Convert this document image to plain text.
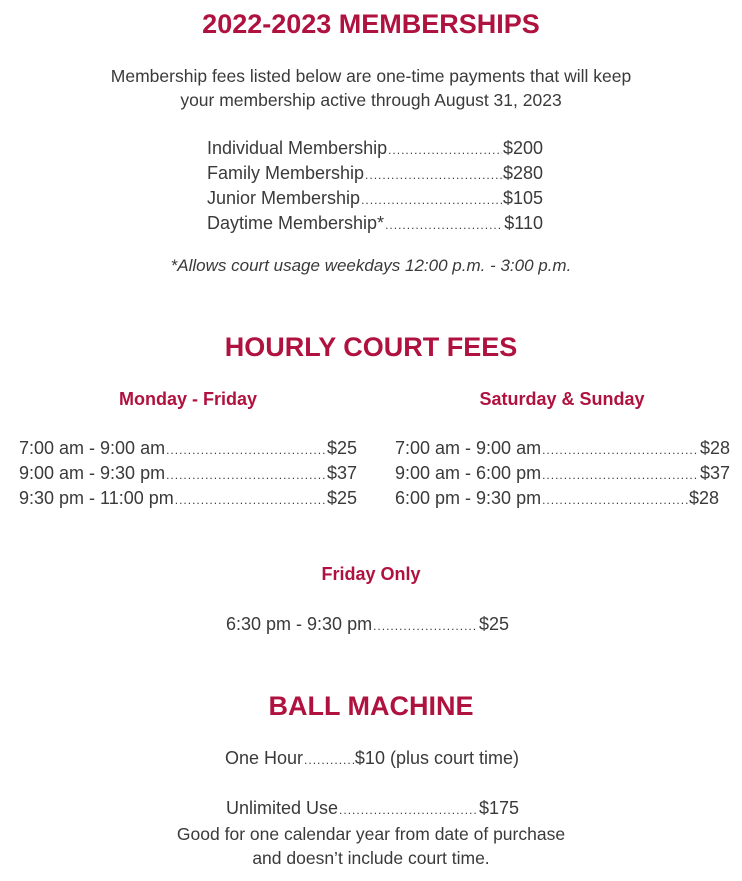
2022-2023 MEMBERSHIPS
Membership fees listed below are one-time payments that will keep
your membership active through August 31, 2023
Individual Membership .....	$200
Family Membership .....	$280
Junior Membership .....	$105
Daytime Membership* .....	$110
*Allows court usage weekdays 12:00 p.m. - 3:00 p.m.
HOURLY COURT FEES
Monday - Friday	Saturday & Sunday
7:00 am - 9:00 am .....	$25
9:00 am - 9:30 pm .....	$37
9:30 pm - 11:00 pm .....	$25
7:00 am - 9:00 am .....	$28
9:00 am - 6:00 pm .....	$37
6:00 pm - 9:30 pm .....	$28
Friday Only
6:30 pm - 9:30 pm .....	$25
BALL MACHINE
One Hour .....	$10 (plus court time)
Unlimited Use .....	$175
Good for one calendar year from date of purchase
and doesn’t include court time.
